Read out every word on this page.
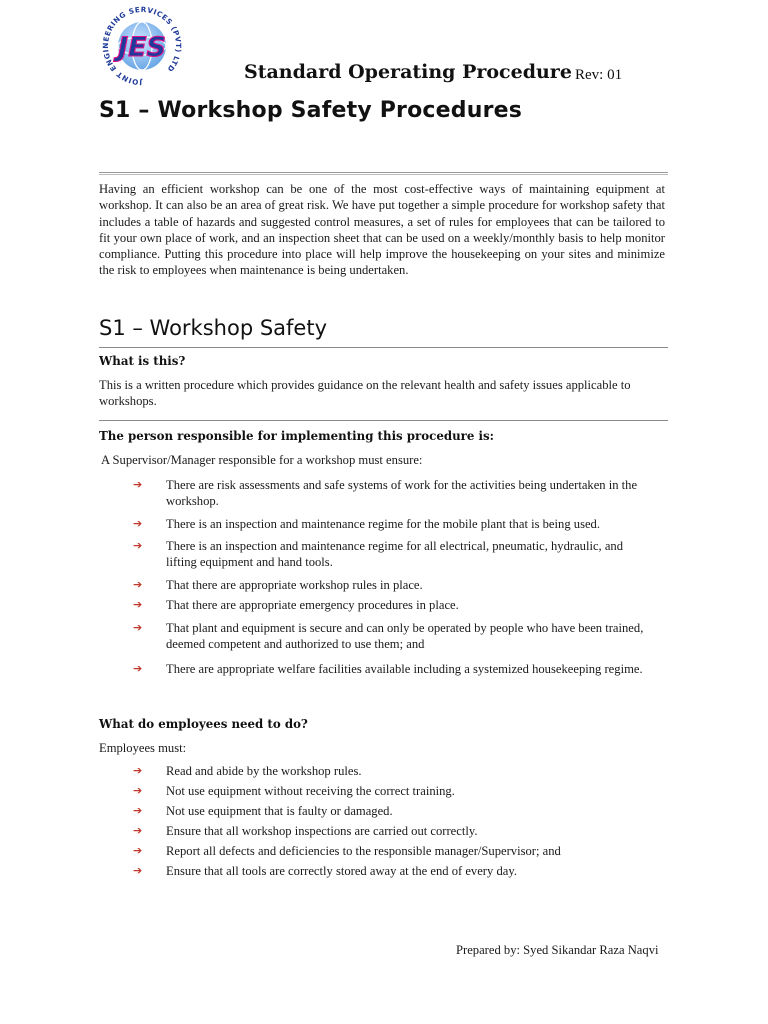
JOINT ENGINEERING SERVICES (PVT) LTD
JES
Standard Operating Procedure Rev: 01
S1 – Workshop Safety Procedures
Having an efficient workshop can be one of the most cost-effective ways of maintaining equipment at workshop. It can also be an area of great risk. We have put together a simple procedure for workshop safety that includes a table of hazards and suggested control measures, a set of rules for employees that can be tailored to fit your own place of work, and an inspection sheet that can be used on a weekly/monthly basis to help monitor compliance. Putting this procedure into place will help improve the housekeeping on your sites and minimize the risk to employees when maintenance is being undertaken.
S1 – Workshop Safety
What is this?
This is a written procedure which provides guidance on the relevant health and safety issues applicable to workshops.
The person responsible for implementing this procedure is:
A Supervisor/Manager responsible for a workshop must ensure:
➔	There are risk assessments and safe systems of work for the activities being undertaken in the workshop.
➔	There is an inspection and maintenance regime for the mobile plant that is being used.
➔	There is an inspection and maintenance regime for all electrical, pneumatic, hydraulic, and lifting equipment and hand tools.
➔	That there are appropriate workshop rules in place.
➔	That there are appropriate emergency procedures in place.
➔	That plant and equipment is secure and can only be operated by people who have been trained, deemed competent and authorized to use them; and
➔	There are appropriate welfare facilities available including a systemized housekeeping regime.
What do employees need to do?
Employees must:
➔	Read and abide by the workshop rules.
➔	Not use equipment without receiving the correct training.
➔	Not use equipment that is faulty or damaged.
➔	Ensure that all workshop inspections are carried out correctly.
➔	Report all defects and deficiencies to the responsible manager/Supervisor; and
➔	Ensure that all tools are correctly stored away at the end of every day.
Prepared by: Syed Sikandar Raza Naqvi
